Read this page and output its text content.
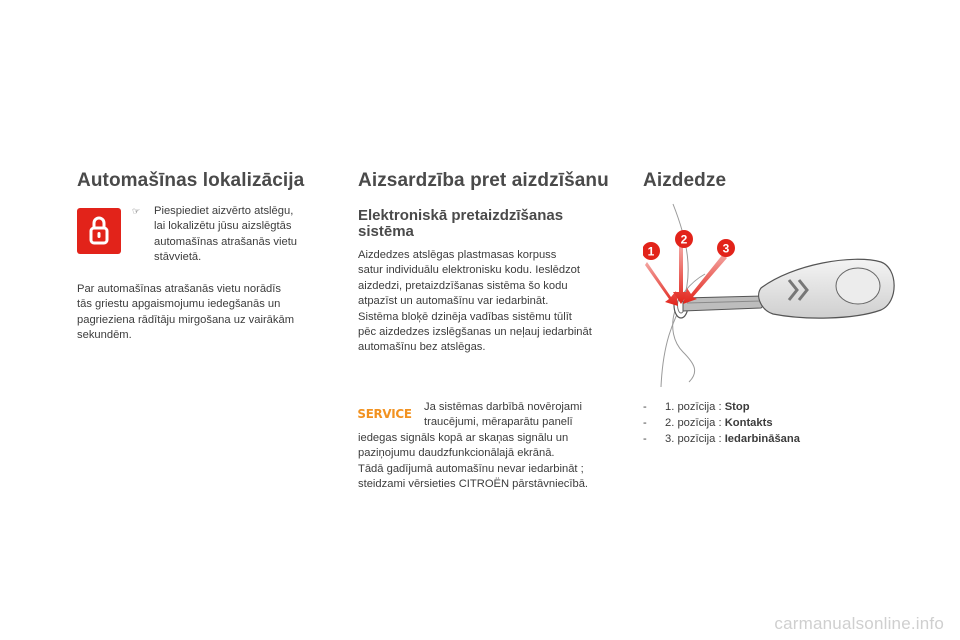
Automašīnas lokalizācija
☞ Piespiediet aizvērto atslēgu,

lai lokalizētu jūsu aizslēgtās

automašīnas atrašanās vietu

stāvvietā.

Par automašīnas atrašanās vietu norādīs

tās griestu apgaismojumu iedegšanās un

pagrieziena rādītāju mirgošana uz vairākām

sekundēm.

Aizsardzība pret aizdzīšanu
Elektroniskā pretaizdzīšanas
sistēma

Aizdedzes atslēgas plastmasas korpuss

satur individuālu elektronisku kodu. Ieslēdzot

aizdedzi, pretaizdzīšanas sistēma šo kodu

atpazīst un automašīnu var iedarbināt.

Sistēma bloķē dzinēja vadības sistēmu tūlīt

pēc aizdedzes izslēgšanas un neļauj iedarbināt

automašīnu bez atslēgas.

SERVICE	Ja sistēmas darbībā novērojami

traucējumi, mēraparātu panelī

iedegas signāls kopā ar skaņas signālu un

paziņojumu daudzfunkcionālajā ekrānā.

Tādā gadījumā automašīnu nevar iedarbināt ;

steidzami vērsieties CITROËN pārstāvniecībā.

Aizdedze
1
2
3
- 1. pozīcija : Stop
- 2. pozīcija : Kontakts
- 3. pozīcija : Iedarbināšana
carmanualsonline.info
